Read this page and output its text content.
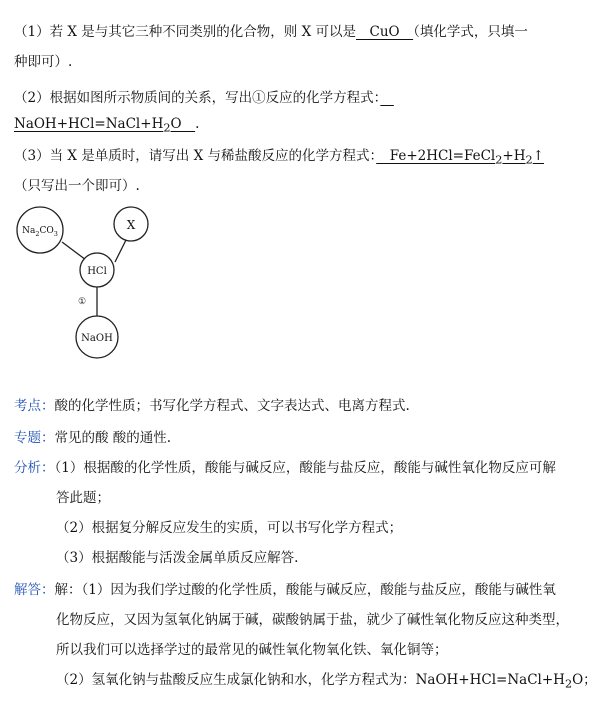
（1）若 X 是与其它三种不同类别的化合物，则 X 可以是　CuO　（填化学式，只填一
种即可）.
（2）根据如图所示物质间的关系，写出①反应的化学方程式：　
$NaOH+HCl=NaCl+H_2O$　.
（3）当 X 是单质时，请写出 X 与稀盐酸反应的化学方程式：　$Fe+2HCl=FeCl_2+H_2↑$
（只写出一个即可）.
$Na_2CO_3$
X
HCl
①
NaOH
考点：酸的化学性质；书写化学方程式、文字表达式、电离方程式.
专题：常见的酸 酸的通性.
分析：（1）根据酸的化学性质，酸能与碱反应，酸能与盐反应，酸能与碱性氧化物反应可解
答此题；
（2）根据复分解反应发生的实质，可以书写化学方程式；
（3）根据酸能与活泼金属单质反应解答.
解答：解：（1）因为我们学过酸的化学性质，酸能与碱反应，酸能与盐反应，酸能与碱性氧
化物反应，又因为氢氧化钠属于碱，碳酸钠属于盐，就少了碱性氧化物反应这种类型，
所以我们可以选择学过的最常见的碱性氧化物氧化铁、氧化铜等；
（2）氢氧化钠与盐酸反应生成氯化钠和水，化学方程式为：$NaOH+HCl=NaCl+H_2O$；
